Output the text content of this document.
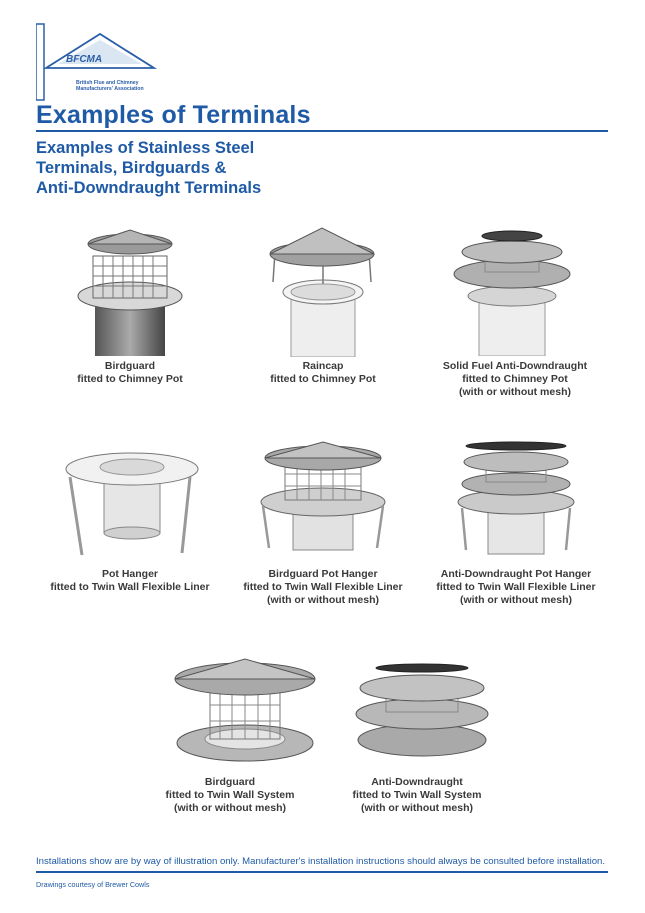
BFCMA
British Flue and Chimney
Manufacturers' Association
Examples of Terminals
Examples of Stainless Steel
Terminals, Birdguards &
Anti-Downdraught Terminals
Birdguard
fitted to Chimney Pot
Raincap
fitted to Chimney Pot
Solid Fuel Anti-Downdraught
fitted to Chimney Pot
(with or without mesh)
Pot Hanger
fitted to Twin Wall Flexible Liner
Birdguard Pot Hanger
fitted to Twin Wall Flexible Liner
(with or without mesh)
Anti-Downdraught Pot Hanger
fitted to Twin Wall Flexible Liner
(with or without mesh)
Birdguard
fitted to Twin Wall System
(with or without mesh)
Anti-Downdraught
fitted to Twin Wall System
(with or without mesh)
Installations show are by way of illustration only. Manufacturer's installation instructions should always be consulted before installation.
Drawings courtesy of Brewer Cowls
